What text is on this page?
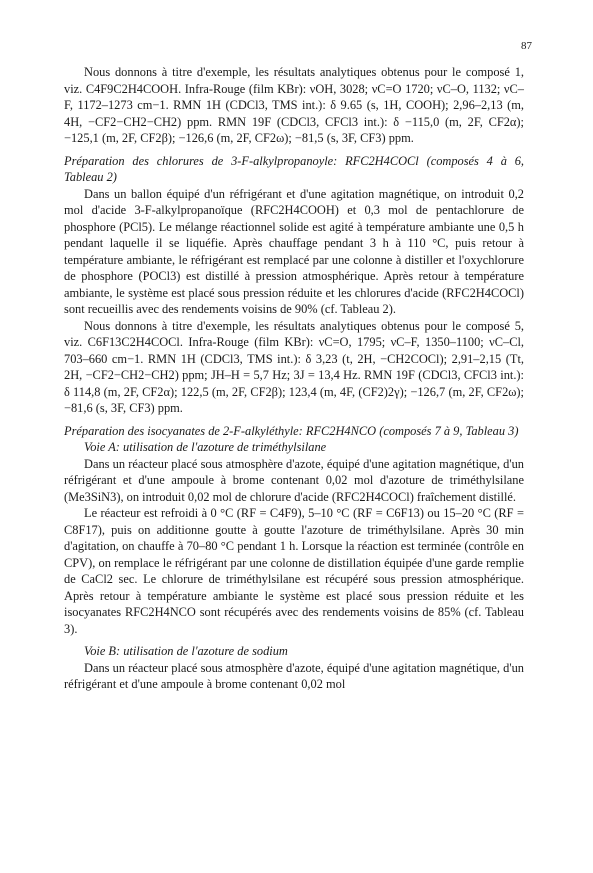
87

Nous donnons à titre d'exemple, les résultats analytiques obtenus pour le composé 1, viz. C4F9C2H4COOH. Infra-Rouge (film KBr): νOH, 3028; νC=O 1720; νC–O, 1132; νC–F, 1172–1273 cm−1. RMN 1H (CDCl3, TMS int.): δ 9.65 (s, 1H, COOH); 2,96–2,13 (m, 4H, −CF2−CH2−CH2) ppm. RMN 19F (CDCl3, CFCl3 int.): δ −115,0 (m, 2F, CF2α); −125,1 (m, 2F, CF2β); −126,6 (m, 2F, CF2ω); −81,5 (s, 3F, CF3) ppm.

Préparation des chlorures de 3-F-alkylpropanoyle: RFC2H4COCl (composés 4 à 6, Tableau 2)

Dans un ballon équipé d'un réfrigérant et d'une agitation magnétique, on introduit 0,2 mol d'acide 3-F-alkylpropanoïque (RFC2H4COOH) et 0,3 mol de pentachlorure de phosphore (PCl5). Le mélange réactionnel solide est agité à température ambiante une 0,5 h pendant laquelle il se liquéfie. Après chauffage pendant 3 h à 110 °C, puis retour à température ambiante, le réfrigérant est remplacé par une colonne à distiller et l'oxychlorure de phosphore (POCl3) est distillé à pression atmosphérique. Après retour à température ambiante, le système est placé sous pression réduite et les chlorures d'acide (RFC2H4COCl) sont recueillis avec des rendements voisins de 90% (cf. Tableau 2).

Nous donnons à titre d'exemple, les résultats analytiques obtenus pour le composé 5, viz. C6F13C2H4COCl. Infra-Rouge (film KBr): νC=O, 1795; νC–F, 1350–1100; νC–Cl, 703–660 cm−1. RMN 1H (CDCl3, TMS int.): δ 3,23 (t, 2H, −CH2COCl); 2,91–2,15 (Tt, 2H, −CF2−CH2−CH2) ppm; JH–H = 5,7 Hz; 3J = 13,4 Hz. RMN 19F (CDCl3, CFCl3 int.): δ 114,8 (m, 2F, CF2α); 122,5 (m, 2F, CF2β); 123,4 (m, 4F, (CF2)2γ); −126,7 (m, 2F, CF2ω); −81,6 (s, 3F, CF3) ppm.

Préparation des isocyanates de 2-F-alkyléthyle: RFC2H4NCO (composés 7 à 9, Tableau 3)

Voie A: utilisation de l'azoture de triméthylsilane

Dans un réacteur placé sous atmosphère d'azote, équipé d'une agitation magnétique, d'un réfrigérant et d'une ampoule à brome contenant 0,02 mol d'azoture de triméthylsilane (Me3SiN3), on introduit 0,02 mol de chlorure d'acide (RFC2H4COCl) fraîchement distillé.

Le réacteur est refroidi à 0 °C (RF = C4F9), 5–10 °C (RF = C6F13) ou 15–20 °C (RF = C8F17), puis on additionne goutte à goutte l'azoture de triméthylsilane. Après 30 min d'agitation, on chauffe à 70–80 °C pendant 1 h. Lorsque la réaction est terminée (contrôle en CPV), on remplace le réfrigérant par une colonne de distillation équipée d'une garde remplie de CaCl2 sec. Le chlorure de triméthylsilane est récupéré sous pression atmosphérique. Après retour à température ambiante le système est placé sous pression réduite et les isocyanates RFC2H4NCO sont récupérés avec des rendements voisins de 85% (cf. Tableau 3).

Voie B: utilisation de l'azoture de sodium

Dans un réacteur placé sous atmosphère d'azote, équipé d'une agitation magnétique, d'un réfrigérant et d'une ampoule à brome contenant 0,02 mol
